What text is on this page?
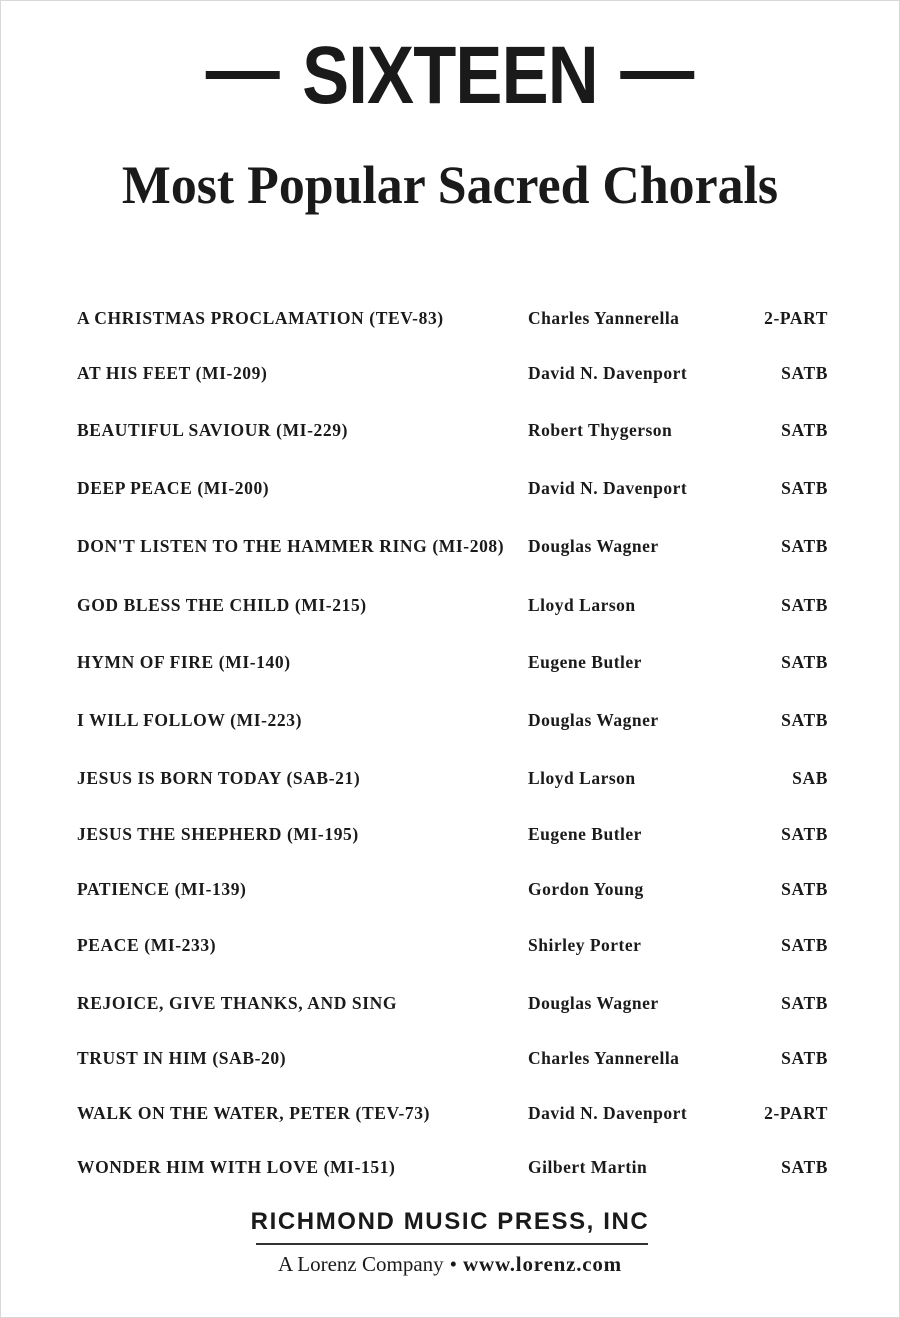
SIXTEEN
Most Popular Sacred Chorals
A CHRISTMAS PROCLAMATION (TEV-83)	Charles Yannerella	2-PART
AT HIS FEET (MI-209)	David N. Davenport	SATB
BEAUTIFUL SAVIOUR (MI-229)	Robert Thygerson	SATB
DEEP PEACE (MI-200)	David N. Davenport	SATB
DON'T LISTEN TO THE HAMMER RING (MI-208) Douglas Wagner	SATB
GOD BLESS THE CHILD (MI-215)	Lloyd Larson	SATB
HYMN OF FIRE (MI-140)	Eugene Butler	SATB
I WILL FOLLOW (MI-223)	Douglas Wagner	SATB
JESUS IS BORN TODAY (SAB-21)	Lloyd Larson	SAB
JESUS THE SHEPHERD (MI-195)	Eugene Butler	SATB
PATIENCE (MI-139)	Gordon Young	SATB
PEACE (MI-233)	Shirley Porter	SATB
REJOICE, GIVE THANKS, AND SING	Douglas Wagner	SATB
TRUST IN HIM (SAB-20)	Charles Yannerella	SATB
WALK ON THE WATER, PETER (TEV-73)	David N. Davenport	2-PART
WONDER HIM WITH LOVE (MI-151)	Gilbert Martin	SATB
RICHMOND MUSIC PRESS, INC
A Lorenz Company • www.lorenz.com
